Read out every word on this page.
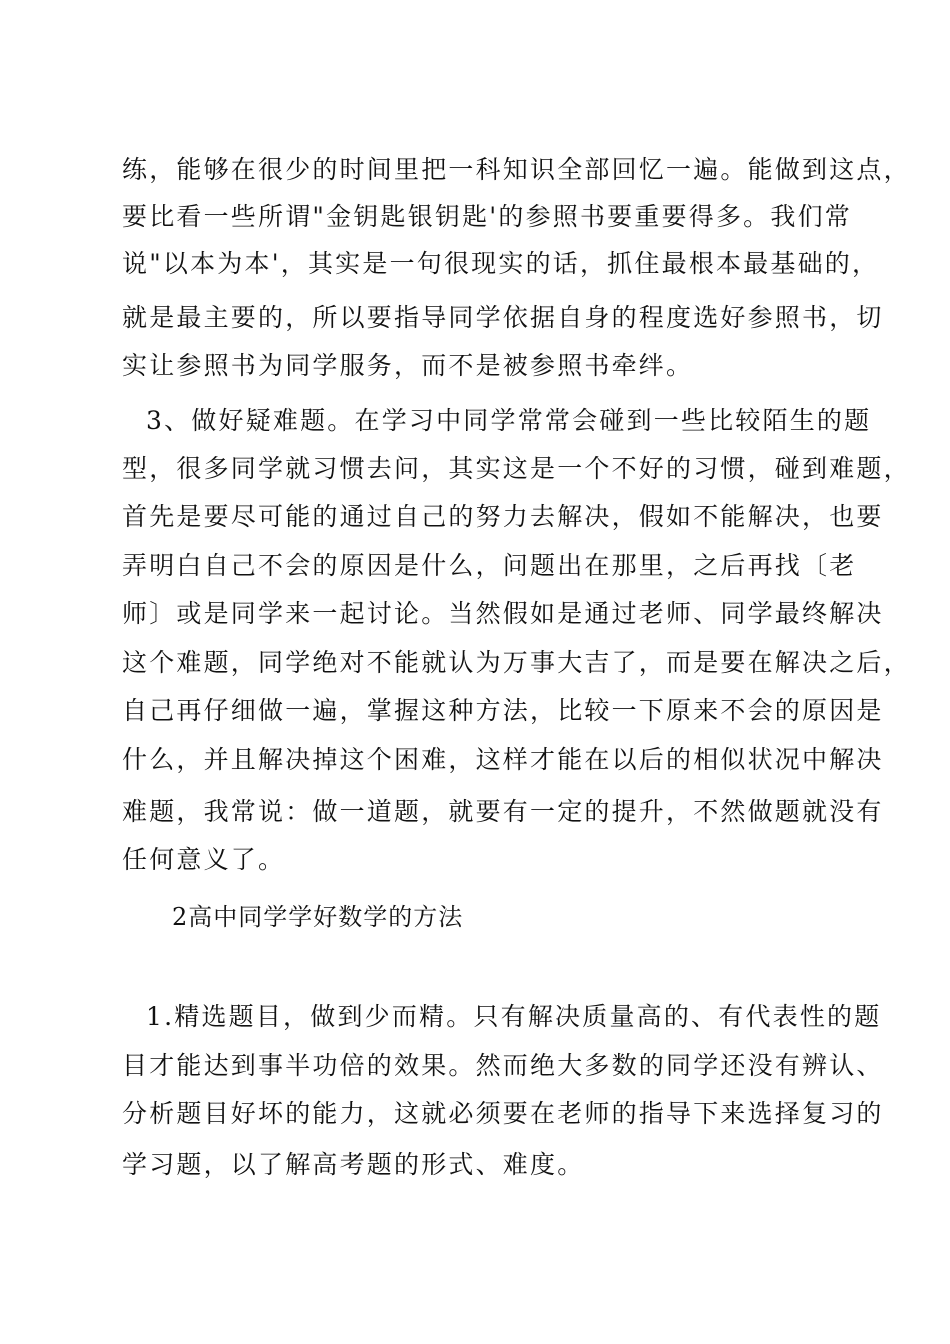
练，能够在很少的时间里把一科知识全部回忆一遍。能做到这点，
要比看一些所谓"金钥匙银钥匙'的参照书要重要得多。我们常
说"以本为本'，其实是一句很现实的话，抓住最根本最基础的，
就是最主要的，所以要指导同学依据自身的程度选好参照书，切
实让参照书为同学服务，而不是被参照书牵绊。
3、做好疑难题。在学习中同学常常会碰到一些比较陌生的题
型，很多同学就习惯去问，其实这是一个不好的习惯，碰到难题，
首先是要尽可能的通过自己的努力去解决，假如不能解决，也要
弄明白自己不会的原因是什么，问题出在那里，之后再找〔老
师〕或是同学来一起讨论。当然假如是通过老师、同学最终解决
这个难题，同学绝对不能就认为万事大吉了，而是要在解决之后，
自己再仔细做一遍，掌握这种方法，比较一下原来不会的原因是
什么，并且解决掉这个困难，这样才能在以后的相似状况中解决
难题，我常说：做一道题，就要有一定的提升，不然做题就没有
任何意义了。
2高中同学学好数学的方法
1.精选题目，做到少而精。只有解决质量高的、有代表性的题
目才能达到事半功倍的效果。然而绝大多数的同学还没有辨认、
分析题目好坏的能力，这就必须要在老师的指导下来选择复习的
学习题，以了解高考题的形式、难度。
